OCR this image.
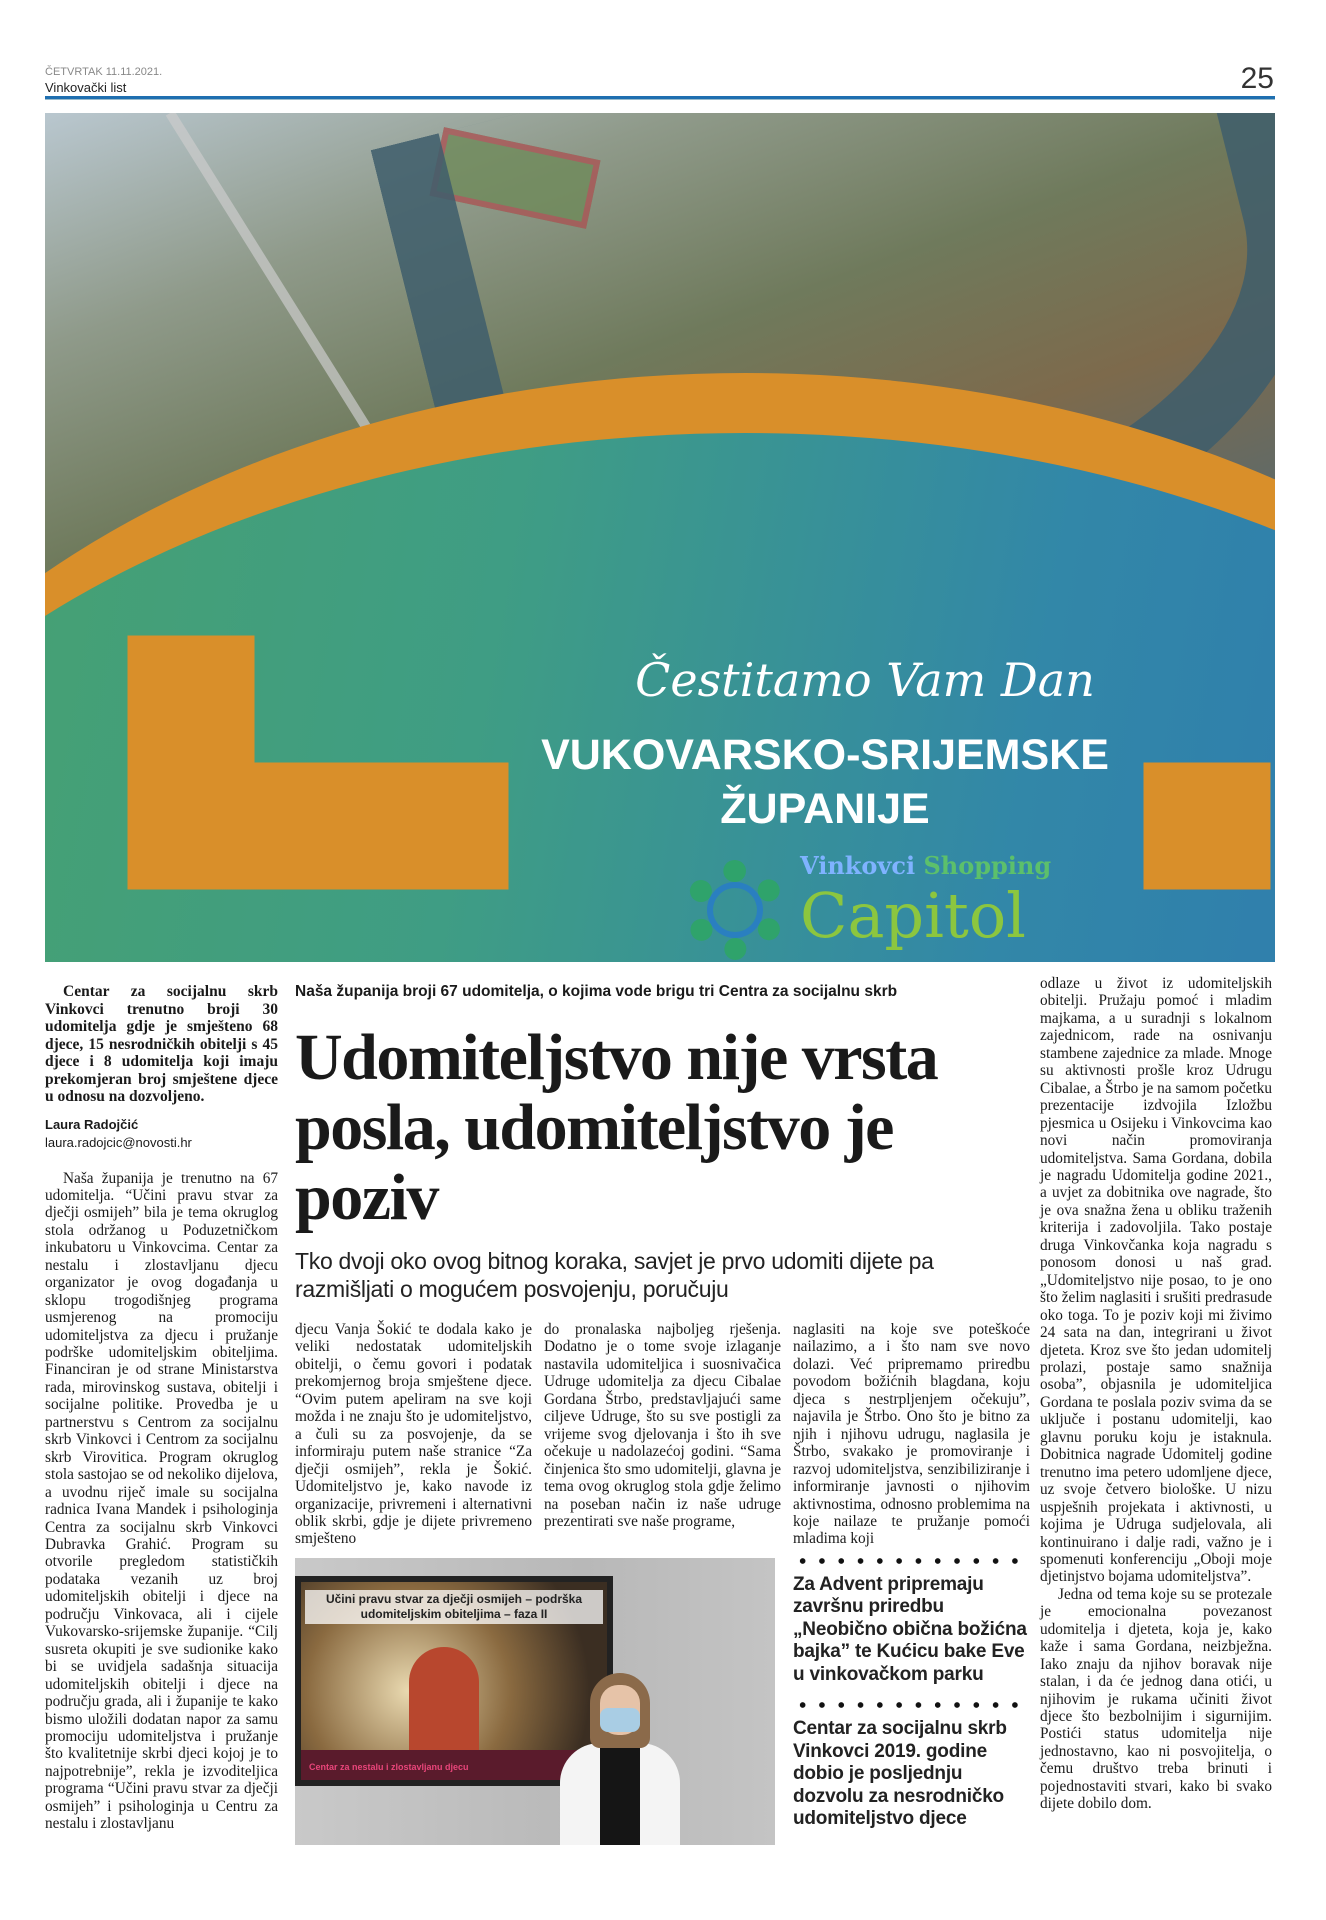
ČETVRTAK 11.11.2021.
Vinkovački list	25
Čestitamo Vam Dan
VUKOVARSKO-SRIJEMSKE
ŽUPANIJE
Vinkovci Shopping
Capitol
Centar za socijalnu skrb Vinkovci trenutno broji 30 udomitelja gdje je smješteno 68 djece, 15 nesrodničkih obitelji s 45 djece i 8 udomitelja koji imaju prekomjeran broj smještene djece u odnosu na dozvoljeno.
Laura Radojčić
laura.radojcic@novosti.hr
Naša županija je trenutno na 67 udomitelja. “Učini pravu stvar za dječji osmijeh” bila je tema okruglog stola održanog u Poduzetničkom inkubatoru u Vinkovcima. Centar za nestalu i zlostavljanu djecu organizator je ovog događanja u sklopu trogodišnjeg programa usmjerenog na promociju udomiteljstva za djecu i pružanje podrške udomiteljskim obiteljima. Financiran je od strane Ministarstva rada, mirovinskog sustava, obitelji i socijalne politike. Provedba je u partnerstvu s Centrom za socijalnu skrb Vinkovci i Centrom za socijalnu skrb Virovitica. Program okruglog stola sastojao se od nekoliko dijelova, a uvodnu riječ imale su socijalna radnica Ivana Mandek i psihologinja Centra za socijalnu skrb Vinkovci Dubravka Grahić. Program su otvorile pregledom statističkih podataka vezanih uz broj udomiteljskih obitelji i djece na području Vinkovaca, ali i cijele Vukovarsko-srijemske županije. “Cilj susreta okupiti je sve sudionike kako bi se uvidjela sadašnja situacija udomiteljskih obitelji i djece na području grada, ali i županije te kako bismo uložili dodatan napor za samu promociju udomiteljstva i pružanje što kvalitetnije skrbi djeci kojoj je to najpotrebnije”, rekla je izvoditeljica programa “Učini pravu stvar za dječji osmijeh” i psihologinja u Centru za nestalu i zlostavljanu
Naša županija broji 67 udomitelja, o kojima vode brigu tri Centra za socijalnu skrb
Udomiteljstvo nije vrsta posla, udomiteljstvo je poziv
Tko dvoji oko ovog bitnog koraka, savjet je prvo udomiti dijete pa razmišljati o mogućem posvojenju, poručuju
djecu Vanja Šokić te dodala kako je veliki nedostatak udomiteljskih obitelji, o čemu govori i podatak prekomjernog broja smještene djece. “Ovim putem apeliram na sve koji možda i ne znaju što je udomiteljstvo, a čuli su za posvojenje, da se informiraju putem naše stranice “Za dječji osmijeh”, rekla je Šokić. Udomiteljstvo je, kako navode iz organizacije, privremeni i alternativni oblik skrbi, gdje je dijete privremeno smješteno
do pronalaska najboljeg rješenja. Dodatno je o tome svoje izlaganje nastavila udomiteljica i suosnivačica Udruge udomitelja za djecu Cibalae Gordana Štrbo, predstavljajući same ciljeve Udruge, što su sve postigli za vrijeme svog djelovanja i što ih sve očekuje u nadolazećoj godini. “Sama činjenica što smo udomitelji, glavna je tema ovog okruglog stola gdje želimo na poseban način iz naše udruge prezentirati sve naše programe,
naglasiti na koje sve poteškoće nailazimo, a i što nam sve novo dolazi. Već pripremamo priredbu povodom božićnih blagdana, koju djeca s nestrpljenjem očekuju”, najavila je Štrbo. Ono što je bitno za njih i njihovu udrugu, naglasila je Štrbo, svakako je promoviranje i razvoj udomiteljstva, senzibiliziranje i informiranje javnosti o njihovim aktivnostima, odnosno problemima na koje nailaze te pružanje pomoći mladima koji
Učini pravu stvar za dječji osmijeh – podrška udomiteljskim obiteljima – faza II
Centar za nestalu i zlostavljanu djecu
Za Advent pripremaju završnu priredbu „Neobično obična božićna bajka” te Kućicu bake Eve u vinkovačkom parku
Centar za socijalnu skrb Vinkovci 2019. godine dobio je posljednju dozvolu za nesrodničko udomiteljstvo djece
odlaze u život iz udomiteljskih obitelji. Pružaju pomoć i mladim majkama, a u suradnji s lokalnom zajednicom, rade na osnivanju stambene zajednice za mlade. Mnoge su aktivnosti prošle kroz Udrugu Cibalae, a Štrbo je na samom početku prezentacije izdvojila Izložbu pjesmica u Osijeku i Vinkovcima kao novi način promoviranja udomiteljstva. Sama Gordana, dobila je nagradu Udomitelja godine 2021., a uvjet za dobitnika ove nagrade, što je ova snažna žena u obliku traženih kriterija i zadovoljila. Tako postaje druga Vinkovčanka koja nagradu s ponosom donosi u naš grad. „Udomiteljstvo nije posao, to je ono što želim naglasiti i srušiti predrasude oko toga. To je poziv koji mi živimo 24 sata na dan, integrirani u život djeteta. Kroz sve što jedan udomitelj prolazi, postaje samo snažnija osoba”, objasnila je udomiteljica Gordana te poslala poziv svima da se uključe i postanu udomitelji, kao glavnu poruku koju je istaknula. Dobitnica nagrade Udomitelj godine trenutno ima petero udomljene djece, uz svoje četvero biološke. U nizu uspješnih projekata i aktivnosti, u kojima je Udruga sudjelovala, ali kontinuirano i dalje radi, važno je i spomenuti konferenciju „Oboji moje djetinjstvo bojama udomiteljstva”.
Jedna od tema koje su se protezale je emocionalna povezanost udomitelja i djeteta, koja je, kako kaže i sama Gordana, neizbježna. Iako znaju da njihov boravak nije stalan, i da će jednog dana otići, u njihovim je rukama učiniti život djece što bezbolnijim i sigurnijim. Postići status udomitelja nije jednostavno, kao ni posvojitelja, o čemu društvo treba brinuti i pojednostaviti stvari, kako bi svako dijete dobilo dom.
